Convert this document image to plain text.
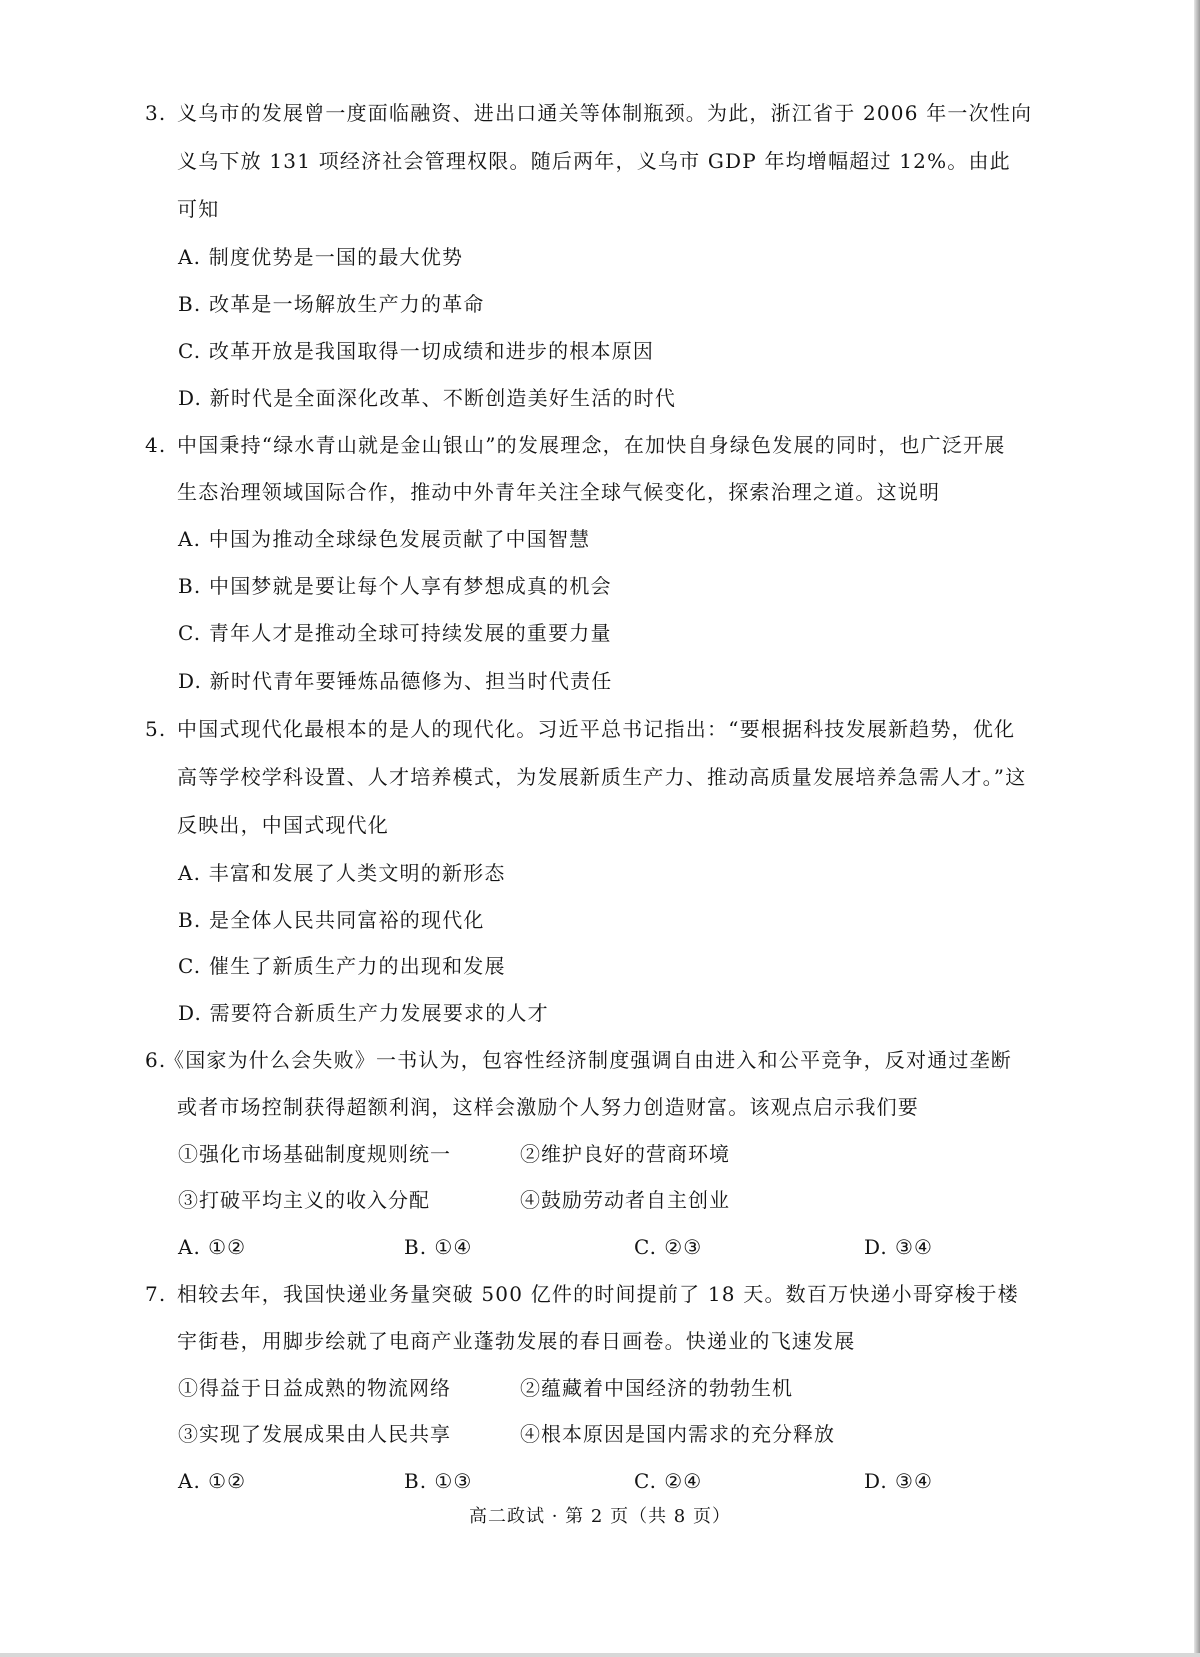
3. 义乌市的发展曾一度面临融资、进出口通关等体制瓶颈。为此，浙江省于 2006 年一次性向
义乌下放 131 项经济社会管理权限。随后两年，义乌市 GDP 年均增幅超过 12%。由此
可知
A. 制度优势是一国的最大优势
B. 改革是一场解放生产力的革命
C. 改革开放是我国取得一切成绩和进步的根本原因
D. 新时代是全面深化改革、不断创造美好生活的时代
4. 中国秉持“绿水青山就是金山银山”的发展理念，在加快自身绿色发展的同时，也广泛开展
生态治理领域国际合作，推动中外青年关注全球气候变化，探索治理之道。这说明
A. 中国为推动全球绿色发展贡献了中国智慧
B. 中国梦就是要让每个人享有梦想成真的机会
C. 青年人才是推动全球可持续发展的重要力量
D. 新时代青年要锤炼品德修为、担当时代责任
5. 中国式现代化最根本的是人的现代化。习近平总书记指出：“要根据科技发展新趋势，优化
高等学校学科设置、人才培养模式，为发展新质生产力、推动高质量发展培养急需人才。”这
反映出，中国式现代化
A. 丰富和发展了人类文明的新形态
B. 是全体人民共同富裕的现代化
C. 催生了新质生产力的出现和发展
D. 需要符合新质生产力发展要求的人才
6.
《国家为什么会失败》一书认为，包容性经济制度强调自由进入和公平竞争，反对通过垄断
或者市场控制获得超额利润，这样会激励个人努力创造财富。该观点启示我们要
①强化市场基础制度规则统一	②维护良好的营商环境
③打破平均主义的收入分配	④鼓励劳动者自主创业
A. ①②	B. ①④	C. ②③	D. ③④
7. 相较去年，我国快递业务量突破 500 亿件的时间提前了 18 天。数百万快递小哥穿梭于楼
宇街巷，用脚步绘就了电商产业蓬勃发展的春日画卷。快递业的飞速发展
①得益于日益成熟的物流网络	②蕴藏着中国经济的勃勃生机
③实现了发展成果由人民共享	④根本原因是国内需求的充分释放
A. ①②	B. ①③	C. ②④	D. ③④
高二政试 · 第 2 页（共 8 页）
